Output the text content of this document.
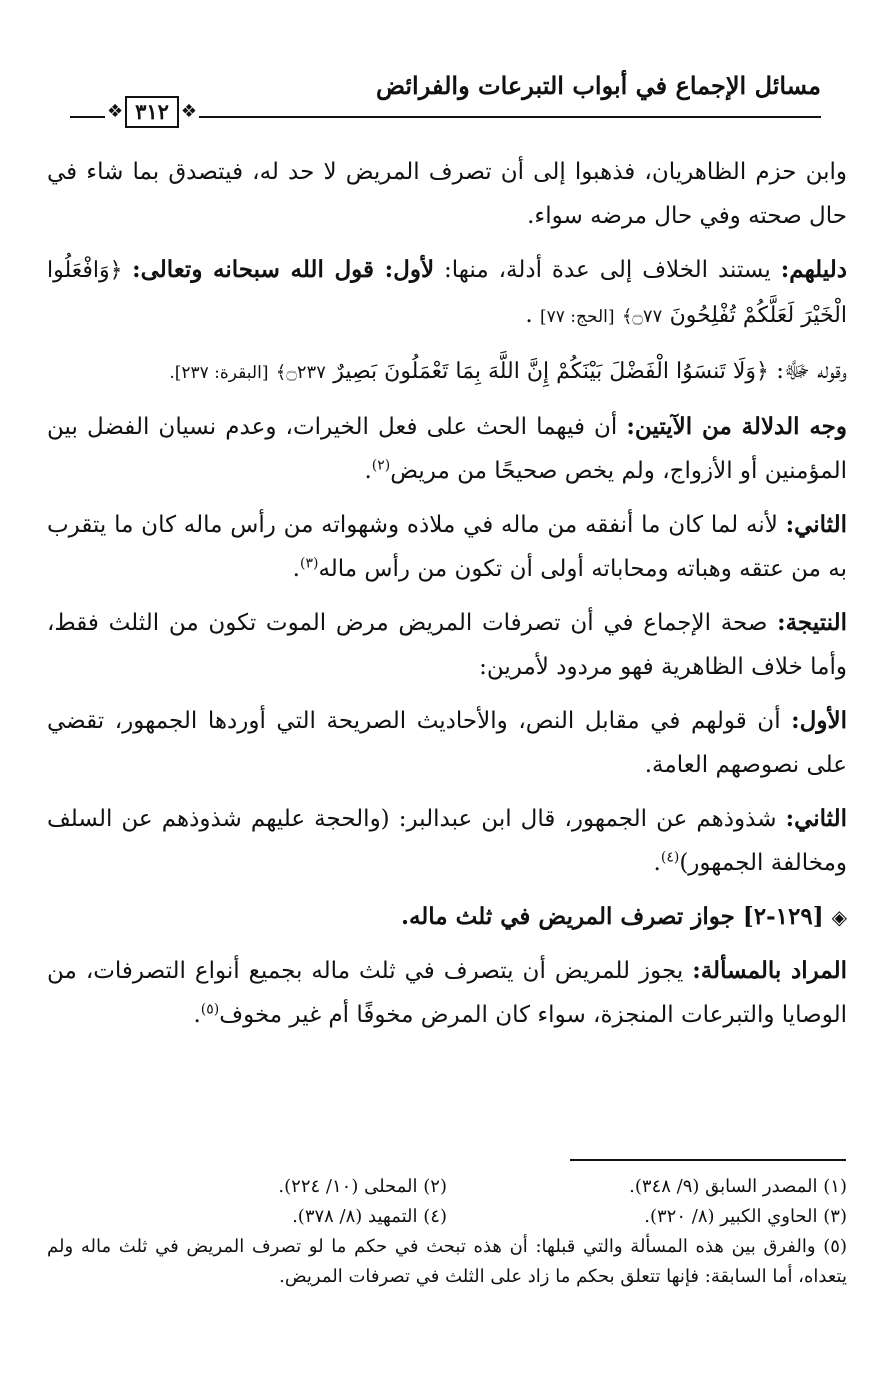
مسائل الإجماع في أبواب التبرعات والفرائض
❖ ٣١٢ ❖

وابن حزم الظاهريان، فذهبوا إلى أن تصرف المريض لا حد له، فيتصدق بما شاء في حال صحته وفي حال مرضه سواء.

دليلهم: يستند الخلاف إلى عدة أدلة، منها: لأول: قول الله سبحانه وتعالى: ﴿وَافْعَلُوا الْخَيْرَ لَعَلَّكُمْ تُفْلِحُونَ ۝٧٧﴾ [الحج: ٧٧] .

وقوله ﷻ: ﴿وَلَا تَنسَوُا الْفَضْلَ بَيْنَكُمْ إِنَّ اللَّهَ بِمَا تَعْمَلُونَ بَصِيرٌ ۝٢٣٧﴾ [البقرة: ٢٣٧].

وجه الدلالة من الآيتين: أن فيهما الحث على فعل الخيرات، وعدم نسيان الفضل بين المؤمنين أو الأزواج، ولم يخص صحيحًا من مريض$^{(٢)}$.

الثاني: لأنه لما كان ما أنفقه من ماله في ملاذه وشهواته من رأس ماله كان ما يتقرب به من عتقه وهباته ومحاباته أولى أن تكون من رأس ماله$^{(٣)}$.

النتيجة: صحة الإجماع في أن تصرفات المريض مرض الموت تكون من الثلث فقط، وأما خلاف الظاهرية فهو مردود لأمرين:

الأول: أن قولهم في مقابل النص، والأحاديث الصريحة التي أوردها الجمهور، تقضي على نصوصهم العامة.

الثاني: شذوذهم عن الجمهور، قال ابن عبدالبر: (والحجة عليهم شذوذهم عن السلف ومخالفة الجمهور)$^{(٤)}$.

◈ [١٢٩-٢] جواز تصرف المريض في ثلث ماله.

المراد بالمسألة: يجوز للمريض أن يتصرف في ثلث ماله بجميع أنواع التصرفات، من الوصايا والتبرعات المنجزة، سواء كان المرض مخوفًا أم غير مخوف$^{(٥)}$.

(١) المصدر السابق (٩/ ٣٤٨).
(٢) المحلى (١٠/ ٢٢٤).
(٣) الحاوي الكبير (٨/ ٣٢٠).
(٤) التمهيد (٨/ ٣٧٨).
(٥) والفرق بين هذه المسألة والتي قبلها: أن هذه تبحث في حكم ما لو تصرف المريض في ثلث ماله ولم يتعداه، أما السابقة: فإنها تتعلق بحكم ما زاد على الثلث في تصرفات المريض.
